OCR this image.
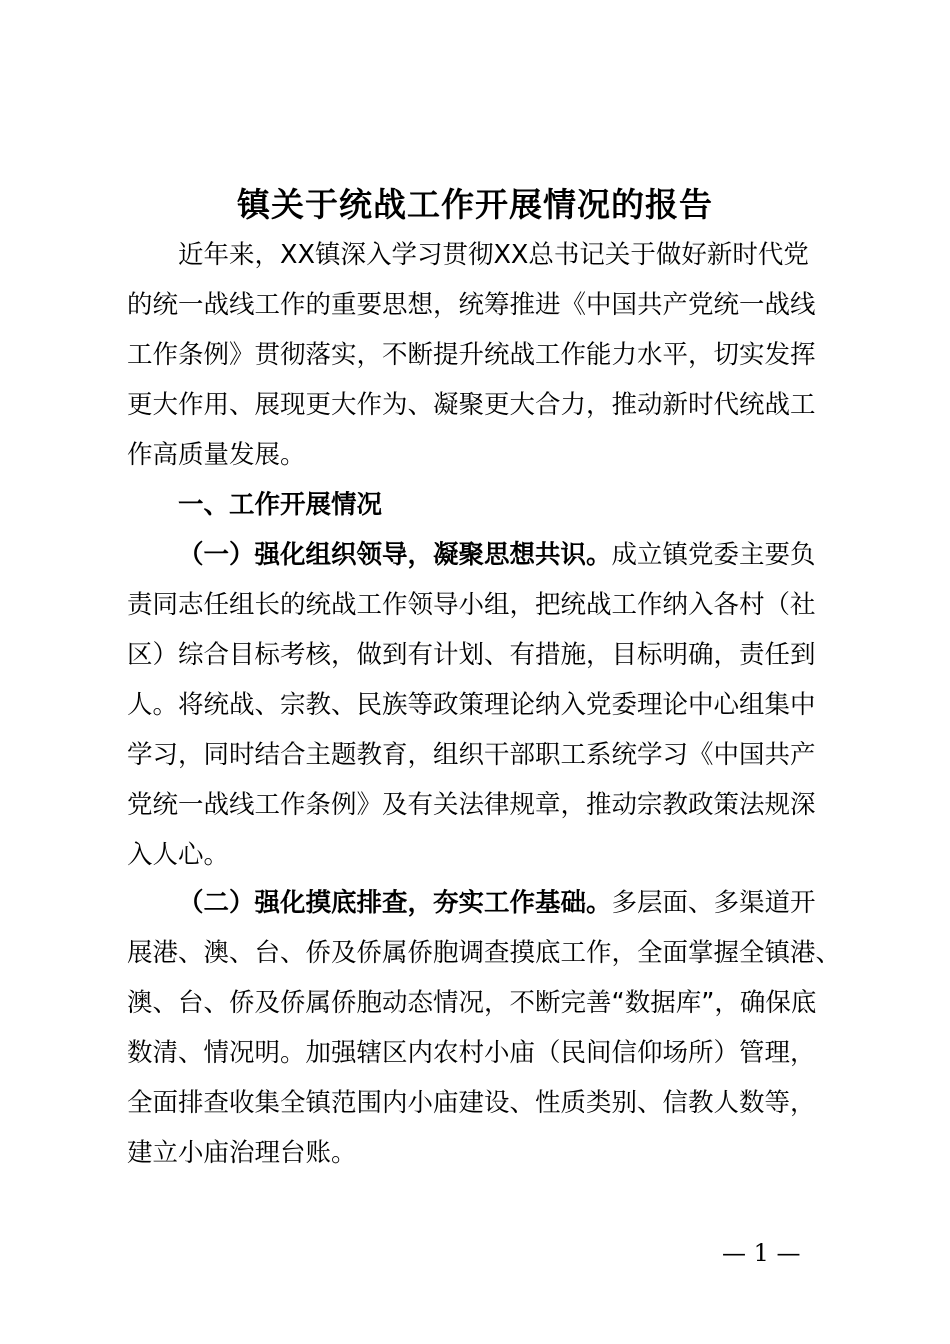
镇关于统战工作开展情况的报告

近年来，XX镇深入学习贯彻XX总书记关于做好新时代党

的统一战线工作的重要思想，统筹推进《中国共产党统一战线

工作条例》贯彻落实，不断提升统战工作能力水平，切实发挥

更大作用、展现更大作为、凝聚更大合力，推动新时代统战工

作高质量发展。

一、工作开展情况

（一）强化组织领导，凝聚思想共识。成立镇党委主要负

责同志任组长的统战工作领导小组，把统战工作纳入各村（社

区）综合目标考核，做到有计划、有措施，目标明确，责任到

人。将统战、宗教、民族等政策理论纳入党委理论中心组集中

学习，同时结合主题教育，组织干部职工系统学习《中国共产

党统一战线工作条例》及有关法律规章，推动宗教政策法规深

入人心。

（二）强化摸底排查，夯实工作基础。多层面、多渠道开

展港、澳、台、侨及侨属侨胞调查摸底工作，全面掌握全镇港、

澳、台、侨及侨属侨胞动态情况，不断完善“数据库”，确保底

数清、情况明。加强辖区内农村小庙（民间信仰场所）管理，

全面排查收集全镇范围内小庙建设、性质类别、信教人数等，

建立小庙治理台账。

— 1 —
